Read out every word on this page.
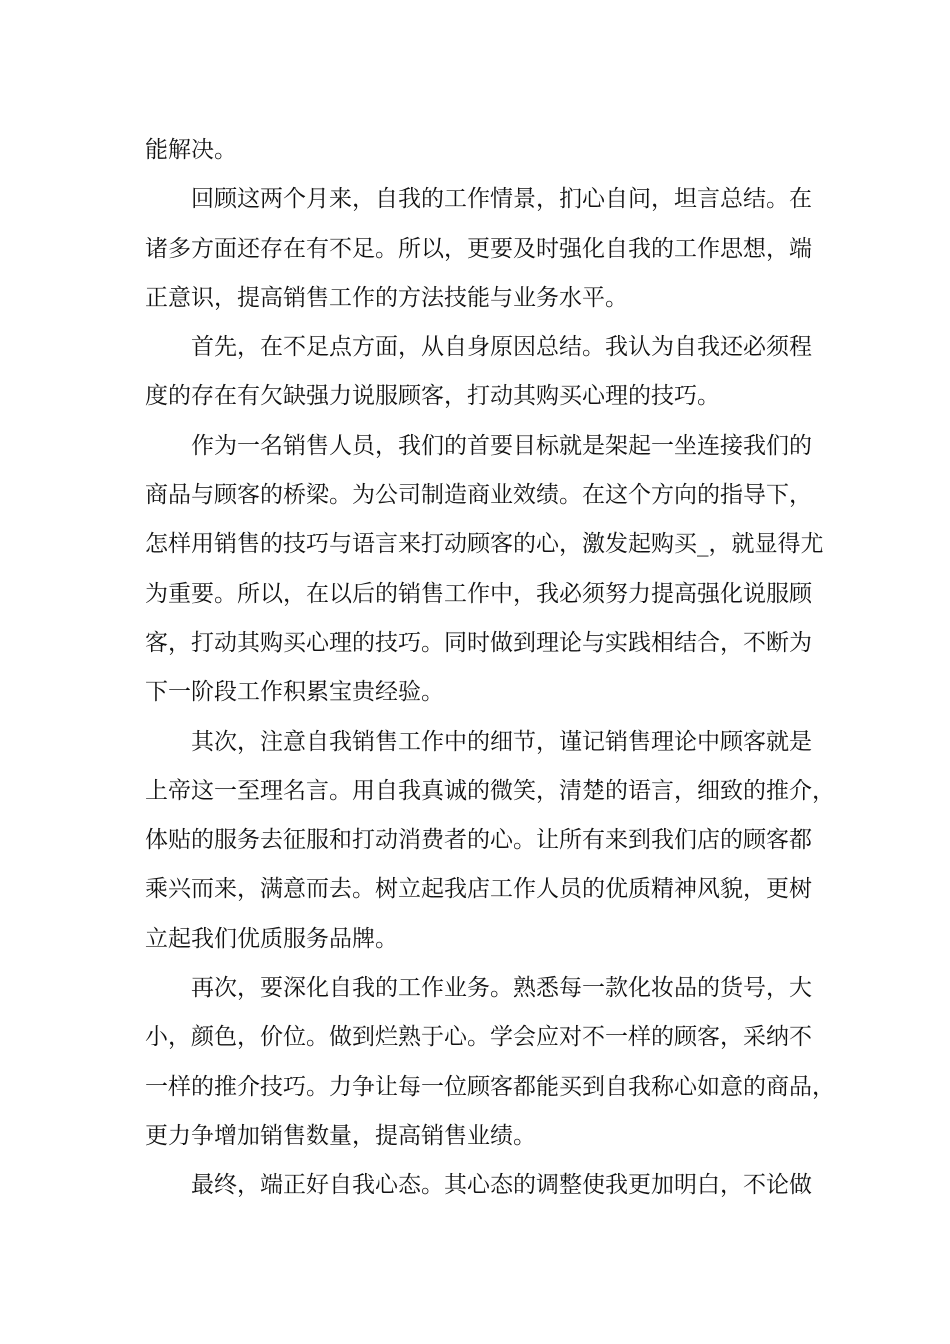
能解决。
回顾这两个月来，自我的工作情景，扪心自问，坦言总结。在
诸多方面还存在有不足。所以，更要及时强化自我的工作思想，端
正意识，提高销售工作的方法技能与业务水平。
首先，在不足点方面，从自身原因总结。我认为自我还必须程
度的存在有欠缺强力说服顾客，打动其购买心理的技巧。
作为一名销售人员，我们的首要目标就是架起一坐连接我们的
商品与顾客的桥梁。为公司制造商业效绩。在这个方向的指导下，
怎样用销售的技巧与语言来打动顾客的心，激发起购买_，就显得尤
为重要。所以，在以后的销售工作中，我必须努力提高强化说服顾
客，打动其购买心理的技巧。同时做到理论与实践相结合，不断为
下一阶段工作积累宝贵经验。
其次，注意自我销售工作中的细节，谨记销售理论中顾客就是
上帝这一至理名言。用自我真诚的微笑，清楚的语言，细致的推介，
体贴的服务去征服和打动消费者的心。让所有来到我们店的顾客都
乘兴而来，满意而去。树立起我店工作人员的优质精神风貌，更树
立起我们优质服务品牌。
再次，要深化自我的工作业务。熟悉每一款化妆品的货号，大
小，颜色，价位。做到烂熟于心。学会应对不一样的顾客，采纳不
一样的推介技巧。力争让每一位顾客都能买到自我称心如意的商品，
更力争增加销售数量，提高销售业绩。
最终，端正好自我心态。其心态的调整使我更加明白，不论做
